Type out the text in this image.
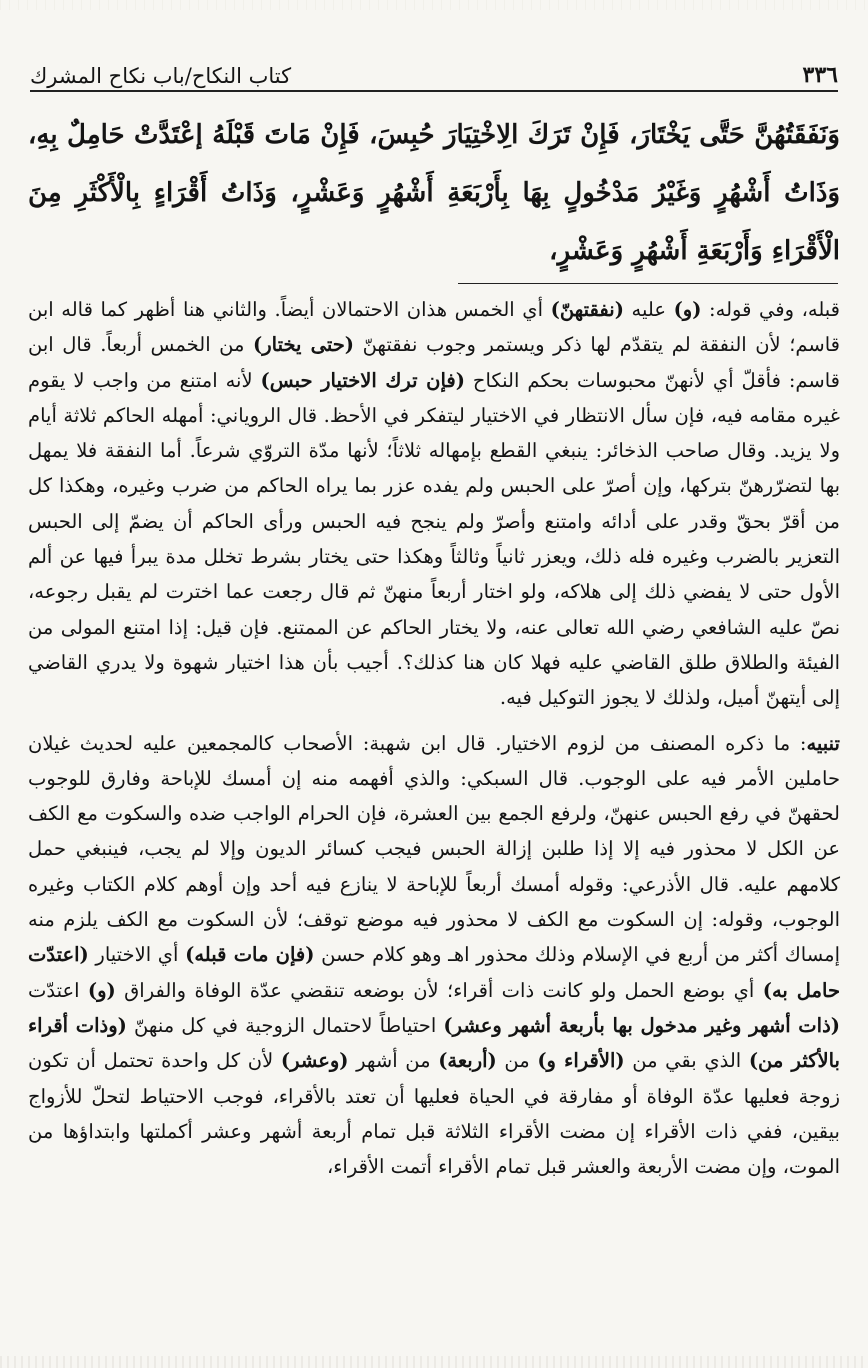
٣٣٦
كتاب النكاح/باب نكاح المشرك

وَنَفَقَتُهُنَّ حَتَّى يَخْتَارَ، فَإِنْ تَرَكَ الِاخْتِيَارَ حُبِسَ، فَإِنْ مَاتَ قَبْلَهُ إعْتَدَّتْ حَامِلٌ بِهِ، وَذَاتُ أَشْهُرٍ وَغَيْرُ مَدْخُولٍ بِهَا بِأَرْبَعَةِ أَشْهُرٍ وَعَشْرٍ، وَذَاتُ أَقْرَاءٍ بِالْأَكْثَرِ مِنَ الْأَقْرَاءِ وَأَرْبَعَةِ أَشْهُرٍ وَعَشْرٍ،

قبله، وفي قوله: (و) عليه (نفقتهنّ) أي الخمس هذان الاحتمالان أيضاً. والثاني هنا أظهر كما قاله ابن قاسم؛ لأن النفقة لم يتقدّم لها ذكر ويستمر وجوب نفقتهنّ (حتى يختار) من الخمس أربعاً. قال ابن قاسم: فأقلّ أي لأنهنّ محبوسات بحكم النكاح (فإن ترك الاختيار حبس) لأنه امتنع من واجب لا يقوم غيره مقامه فيه، فإن سأل الانتظار في الاختيار ليتفكر في الأحظ. قال الروياني: أمهله الحاكم ثلاثة أيام ولا يزيد. وقال صاحب الذخائر: ينبغي القطع بإمهاله ثلاثاً؛ لأنها مدّة التروّي شرعاً. أما النفقة فلا يمهل بها لتضرّرهنّ بتركها، وإن أصرّ على الحبس ولم يفده عزر بما يراه الحاكم من ضرب وغيره، وهكذا كل من أقرّ بحقّ وقدر على أدائه وامتنع وأصرّ ولم ينجح فيه الحبس ورأى الحاكم أن يضمّ إلى الحبس التعزير بالضرب وغيره فله ذلك، ويعزر ثانياً وثالثاً وهكذا حتى يختار بشرط تخلل مدة يبرأ فيها عن ألم الأول حتى لا يفضي ذلك إلى هلاكه، ولو اختار أربعاً منهنّ ثم قال رجعت عما اخترت لم يقبل رجوعه، نصّ عليه الشافعي رضي الله تعالى عنه، ولا يختار الحاكم عن الممتنع. فإن قيل: إذا امتنع المولى من الفيئة والطلاق طلق القاضي عليه فهلا كان هنا كذلك؟. أجيب بأن هذا اختيار شهوة ولا يدري القاضي إلى أيتهنّ أميل، ولذلك لا يجوز التوكيل فيه.

تنبيه: ما ذكره المصنف من لزوم الاختيار. قال ابن شهبة: الأصحاب كالمجمعين عليه لحديث غيلان حاملين الأمر فيه على الوجوب. قال السبكي: والذي أفهمه منه إن أمسك للإباحة وفارق للوجوب لحقهنّ في رفع الحبس عنهنّ، ولرفع الجمع بين العشرة، فإن الحرام الواجب ضده والسكوت مع الكف عن الكل لا محذور فيه إلا إذا طلبن إزالة الحبس فيجب كسائر الديون وإلا لم يجب، فينبغي حمل كلامهم عليه. قال الأذرعي: وقوله أمسك أربعاً للإباحة لا ينازع فيه أحد وإن أوهم كلام الكتاب وغيره الوجوب، وقوله: إن السكوت مع الكف لا محذور فيه موضع توقف؛ لأن السكوت مع الكف يلزم منه إمساك أكثر من أربع في الإسلام وذلك محذور اهـ وهو كلام حسن (فإن مات قبله) أي الاختيار (اعتدّت حامل به) أي بوضع الحمل ولو كانت ذات أقراء؛ لأن بوضعه تنقضي عدّة الوفاة والفراق (و) اعتدّت (ذات أشهر وغير مدخول بها بأربعة أشهر وعشر) احتياطاً لاحتمال الزوجية في كل منهنّ (وذات أقراء بالأكثر من) الذي بقي من (الأقراء و) من (أربعة) من أشهر (وعشر) لأن كل واحدة تحتمل أن تكون زوجة فعليها عدّة الوفاة أو مفارقة في الحياة فعليها أن تعتد بالأقراء، فوجب الاحتياط لتحلّ للأزواج بيقين، ففي ذات الأقراء إن مضت الأقراء الثلاثة قبل تمام أربعة أشهر وعشر أكملتها وابتداؤها من الموت، وإن مضت الأربعة والعشر قبل تمام الأقراء أتمت الأقراء،
